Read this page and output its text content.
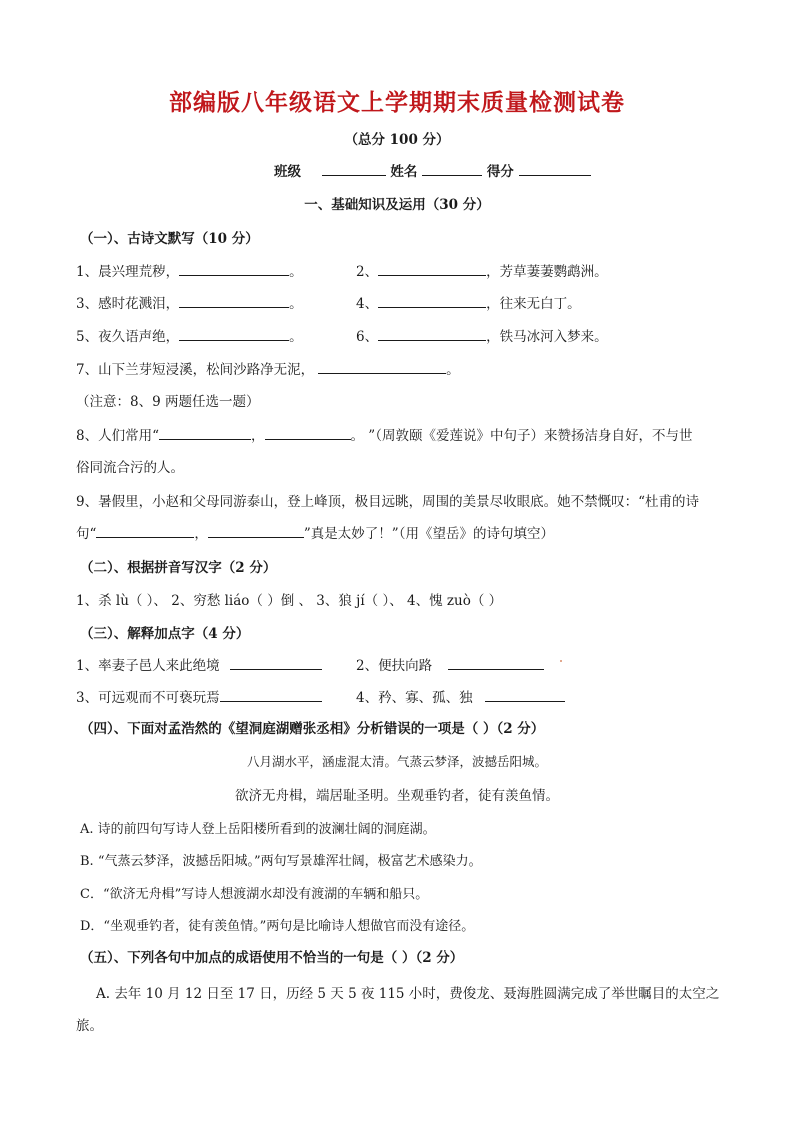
部编版八年级语文上学期期末质量检测试卷
（总分 100 分）
班级	姓名	得分
一、基础知识及运用（30 分）
（一）、古诗文默写（10 分）
1、晨兴理荒秽，	。	2、	，芳草萋萋鹦鹉洲。
3、感时花溅泪，	。	4、	，往来无白丁。
5、夜久语声绝，	。	6、	，铁马冰河入梦来。
7、山下兰芽短浸溪，松间沙路净无泥，	。
（注意：8、9 两题任选一题）
8、人们常用“	，	。 ”（周敦颐《爱莲说》中句子）来赞扬洁身自好，不与世
俗同流合污的人。
9、暑假里，小赵和父母同游泰山，登上峰顶，极目远眺，周围的美景尽收眼底。她不禁慨叹：“杜甫的诗
句“	，	”真是太妙了！”（用《望岳》的诗句填空）
（二）、根据拼音写汉字（2 分）
1、杀 lù（ ）、 2、穷愁 liáo（ ）倒 、 3、狼 jí（ ）、 4、愧 zuò（ ）
（三）、解释加点字（4 分）
1、率妻子邑人来此绝境	2、便扶向路
3、可远观而不可亵玩焉	4、矜、寡、孤、独
（四）、下面对孟浩然的《望洞庭湖赠张丞相》分析错误的一项是（ ）（2 分）
八月湖水平，涵虚混太清。气蒸云梦泽，波撼岳阳城。
欲济无舟楫，端居耻圣明。坐观垂钓者，徒有羡鱼情。
A. 诗的前四句写诗人登上岳阳楼所看到的波澜壮阔的洞庭湖。
B. “气蒸云梦泽，波撼岳阳城。”两句写景雄浑壮阔，极富艺术感染力。
C．“欲济无舟楫”写诗人想渡湖水却没有渡湖的车辆和船只。
D．“坐观垂钓者，徒有羡鱼情。”两句是比喻诗人想做官而没有途径。
（五）、下列各句中加点的成语使用不恰当的一句是（ ）（2 分）
A. 去年 10 月 12 日至 17 日，历经 5 天 5 夜 115 小时，费俊龙、聂海胜圆满完成了举世瞩目的太空之
旅。
